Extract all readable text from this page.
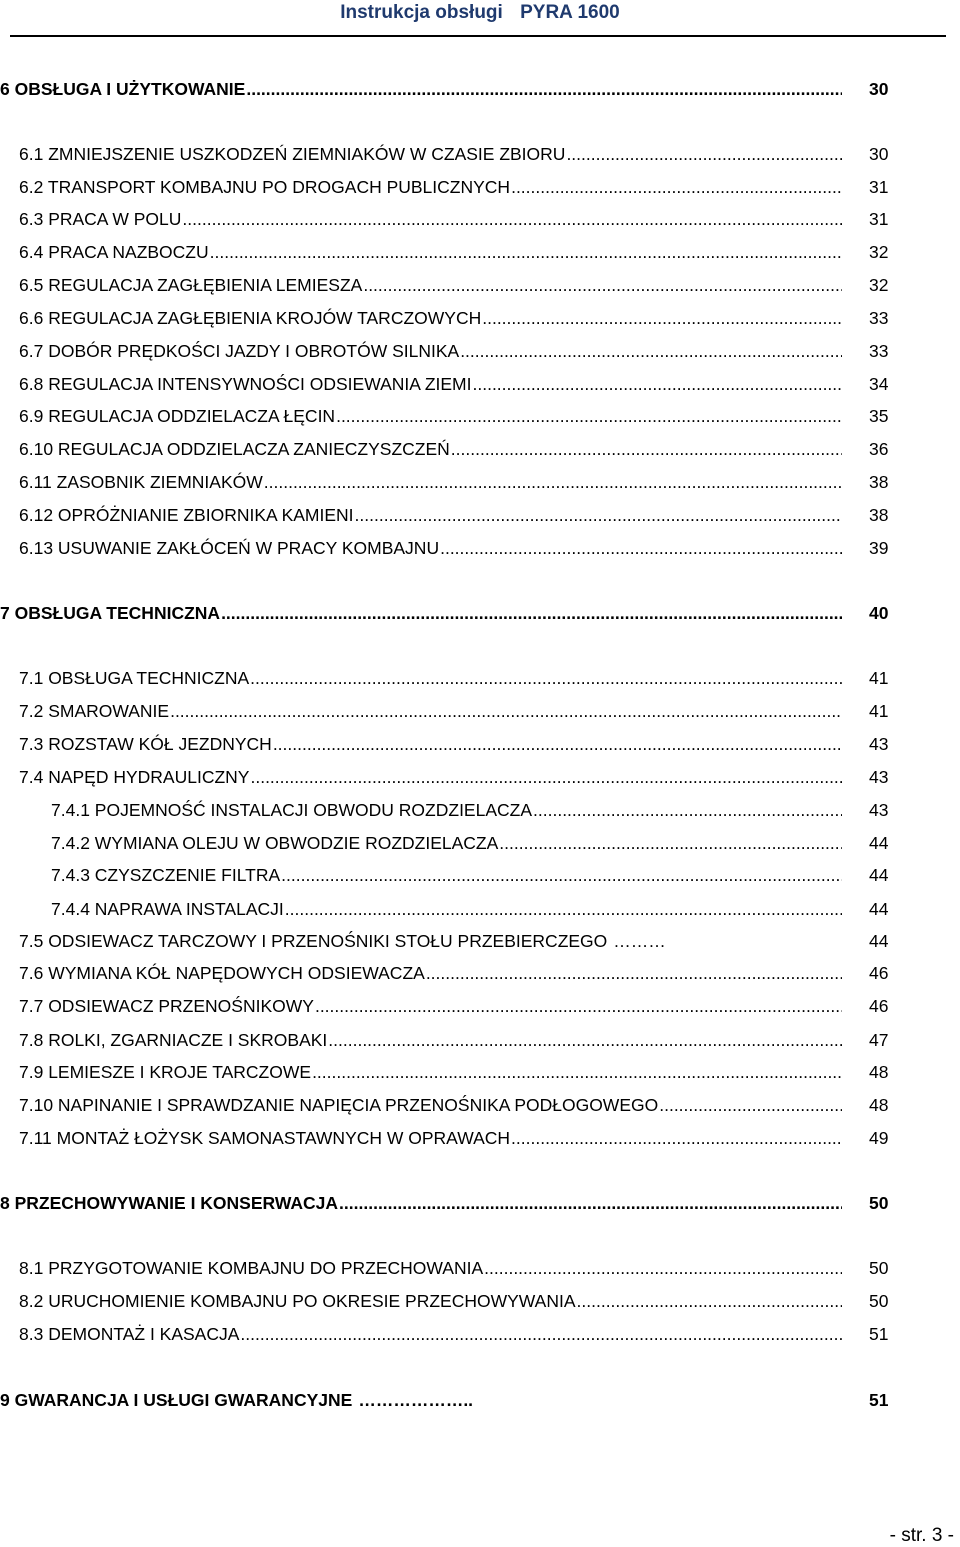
Instrukcja obsługi PYRA 1600
6 OBSŁUGA I UŻYTKOWANIE .....	30
6.1 ZMNIEJSZENIE USZKODZEŃ ZIEMNIAKÓW W CZASIE ZBIORU .....	30
6.2 TRANSPORT KOMBAJNU PO DROGACH PUBLICZNYCH .....	31
6.3 PRACA W POLU .....	31
6.4 PRACA NAZBOCZU .....	32
6.5 REGULACJA ZAGŁĘBIENIA LEMIESZA .....	32
6.6 REGULACJA ZAGŁĘBIENIA KROJÓW TARCZOWYCH .....	33
6.7 DOBÓR PRĘDKOŚCI JAZDY I OBROTÓW SILNIKA .....	33
6.8 REGULACJA INTENSYWNOŚCI ODSIEWANIA ZIEMI .....	34
6.9 REGULACJA ODDZIELACZA ŁĘCIN .....	35
6.10 REGULACJA ODDZIELACZA ZANIECZYSZCZEŃ .....	36
6.11 ZASOBNIK ZIEMNIAKÓW .....	38
6.12 OPRÓŻNIANIE ZBIORNIKA KAMIENI .....	38
6.13 USUWANIE ZAKŁÓCEŃ W PRACY KOMBAJNU .....	39
7 OBSŁUGA TECHNICZNA .....	40
7.1 OBSŁUGA TECHNICZNA .....	41
7.2 SMAROWANIE .....	41
7.3 ROZSTAW KÓŁ JEZDNYCH .....	43
7.4 NAPĘD HYDRAULICZNY .....	43
7.4.1 POJEMNOŚĆ INSTALACJI OBWODU ROZDZIELACZA .....	43
7.4.2 WYMIANA OLEJU W OBWODZIE ROZDZIELACZA .....	44
7.4.3 CZYSZCZENIE FILTRA .....	44
7.4.4 NAPRAWA INSTALACJI .....	44
7.5 ODSIEWACZ TARCZOWY I PRZENOŚNIKI STOŁU PRZEBIERCZEGO ………	44
7.6 WYMIANA KÓŁ NAPĘDOWYCH ODSIEWACZA .....	46
7.7 ODSIEWACZ PRZENOŚNIKOWY .....	46
7.8 ROLKI, ZGARNIACZE I SKROBAKI .....	47
7.9 LEMIESZE I KROJE TARCZOWE .....	48
7.10 NAPINANIE I SPRAWDZANIE NAPIĘCIA PRZENOŚNIKA PODŁOGOWEGO .....	48
7.11 MONTAŻ ŁOŻYSK SAMONASTAWNYCH W OPRAWACH .....	49
8 PRZECHOWYWANIE I KONSERWACJA .....	50
8.1 PRZYGOTOWANIE KOMBAJNU DO PRZECHOWANIA .....	50
8.2 URUCHOMIENIE KOMBAJNU PO OKRESIE PRZECHOWYWANIA .....	50
8.3 DEMONTAŻ I KASACJA .....	51
9 GWARANCJA I USŁUGI GWARANCYJNE ………………..	51
- str. 3 -
